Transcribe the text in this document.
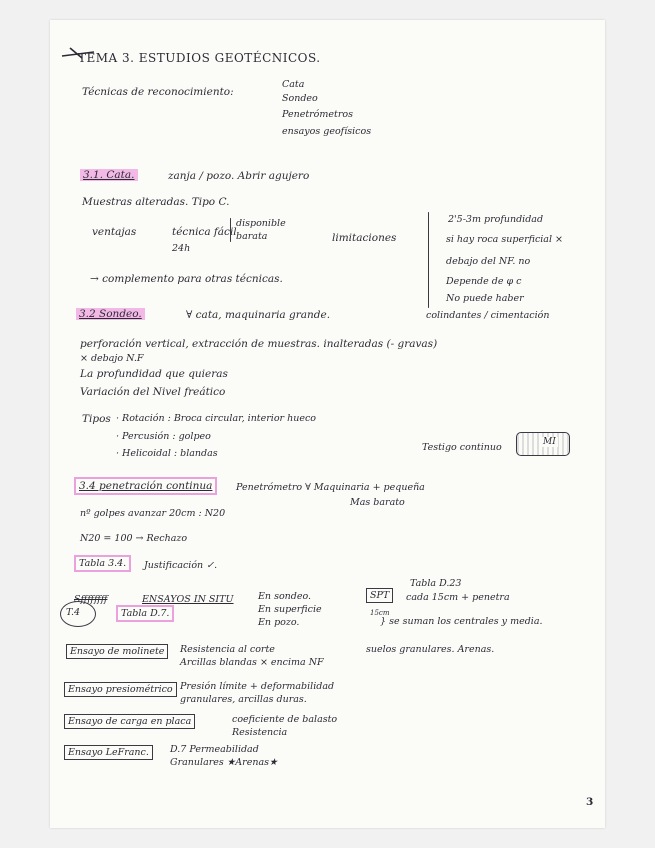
TEMA 3. ESTUDIOS GEOTÉCNICOS.
Técnicas de reconocimiento:
Cata
Sondeo
Penetrómetros
ensayos geofísicos
3.1. Cata.	zanja / pozo. Abrir agujero
Muestras alteradas. Tipo C.
ventajas	técnica fácil
24h
disponible
barata	limitaciones
2'5-3m profundidad
si hay roca superficial ×
debajo del NF. no
Depende de φ c
No puede haber
colindantes / cimentación
→ complemento para otras técnicas.
3.2 Sondeo.	∀ cata, maquinaria grande.
perforación vertical, extracción de muestras. inalteradas (- gravas)
× debajo N.F
La profundidad que quieras
Variación del Nivel freático
Tipos · Rotación : Broca circular, interior hueco
· Percusión : golpeo
· Helicoidal : blandas
Testigo continuo	MI
3.4 penetración continua	Penetrómetro ∀ Maquinaria + pequeña
Mas barato
nº golpes avanzar 20cm : N20
N20 = 100 → Rechazo
Tabla 3.4.	Justificación ✓.
Sffffffff	ENSAYOS IN SITU
T.4	Tabla D.7.
En sondeo.
En superficie
En pozo.
Tabla D.23
SPT	cada 15cm + penetra
15cm
} se suman los centrales y media.
suelos granulares. Arenas.
Ensayo de molinete	Resistencia al corte
Arcillas blandas × encima NF
Ensayo presiométrico Presión límite + deformabilidad
granulares, arcillas duras.
Ensayo de carga en placa	coeficiente de balasto
Resistencia
Ensayo LeFranc.	D.7 Permeabilidad
Granulares ★Arenas★
3
